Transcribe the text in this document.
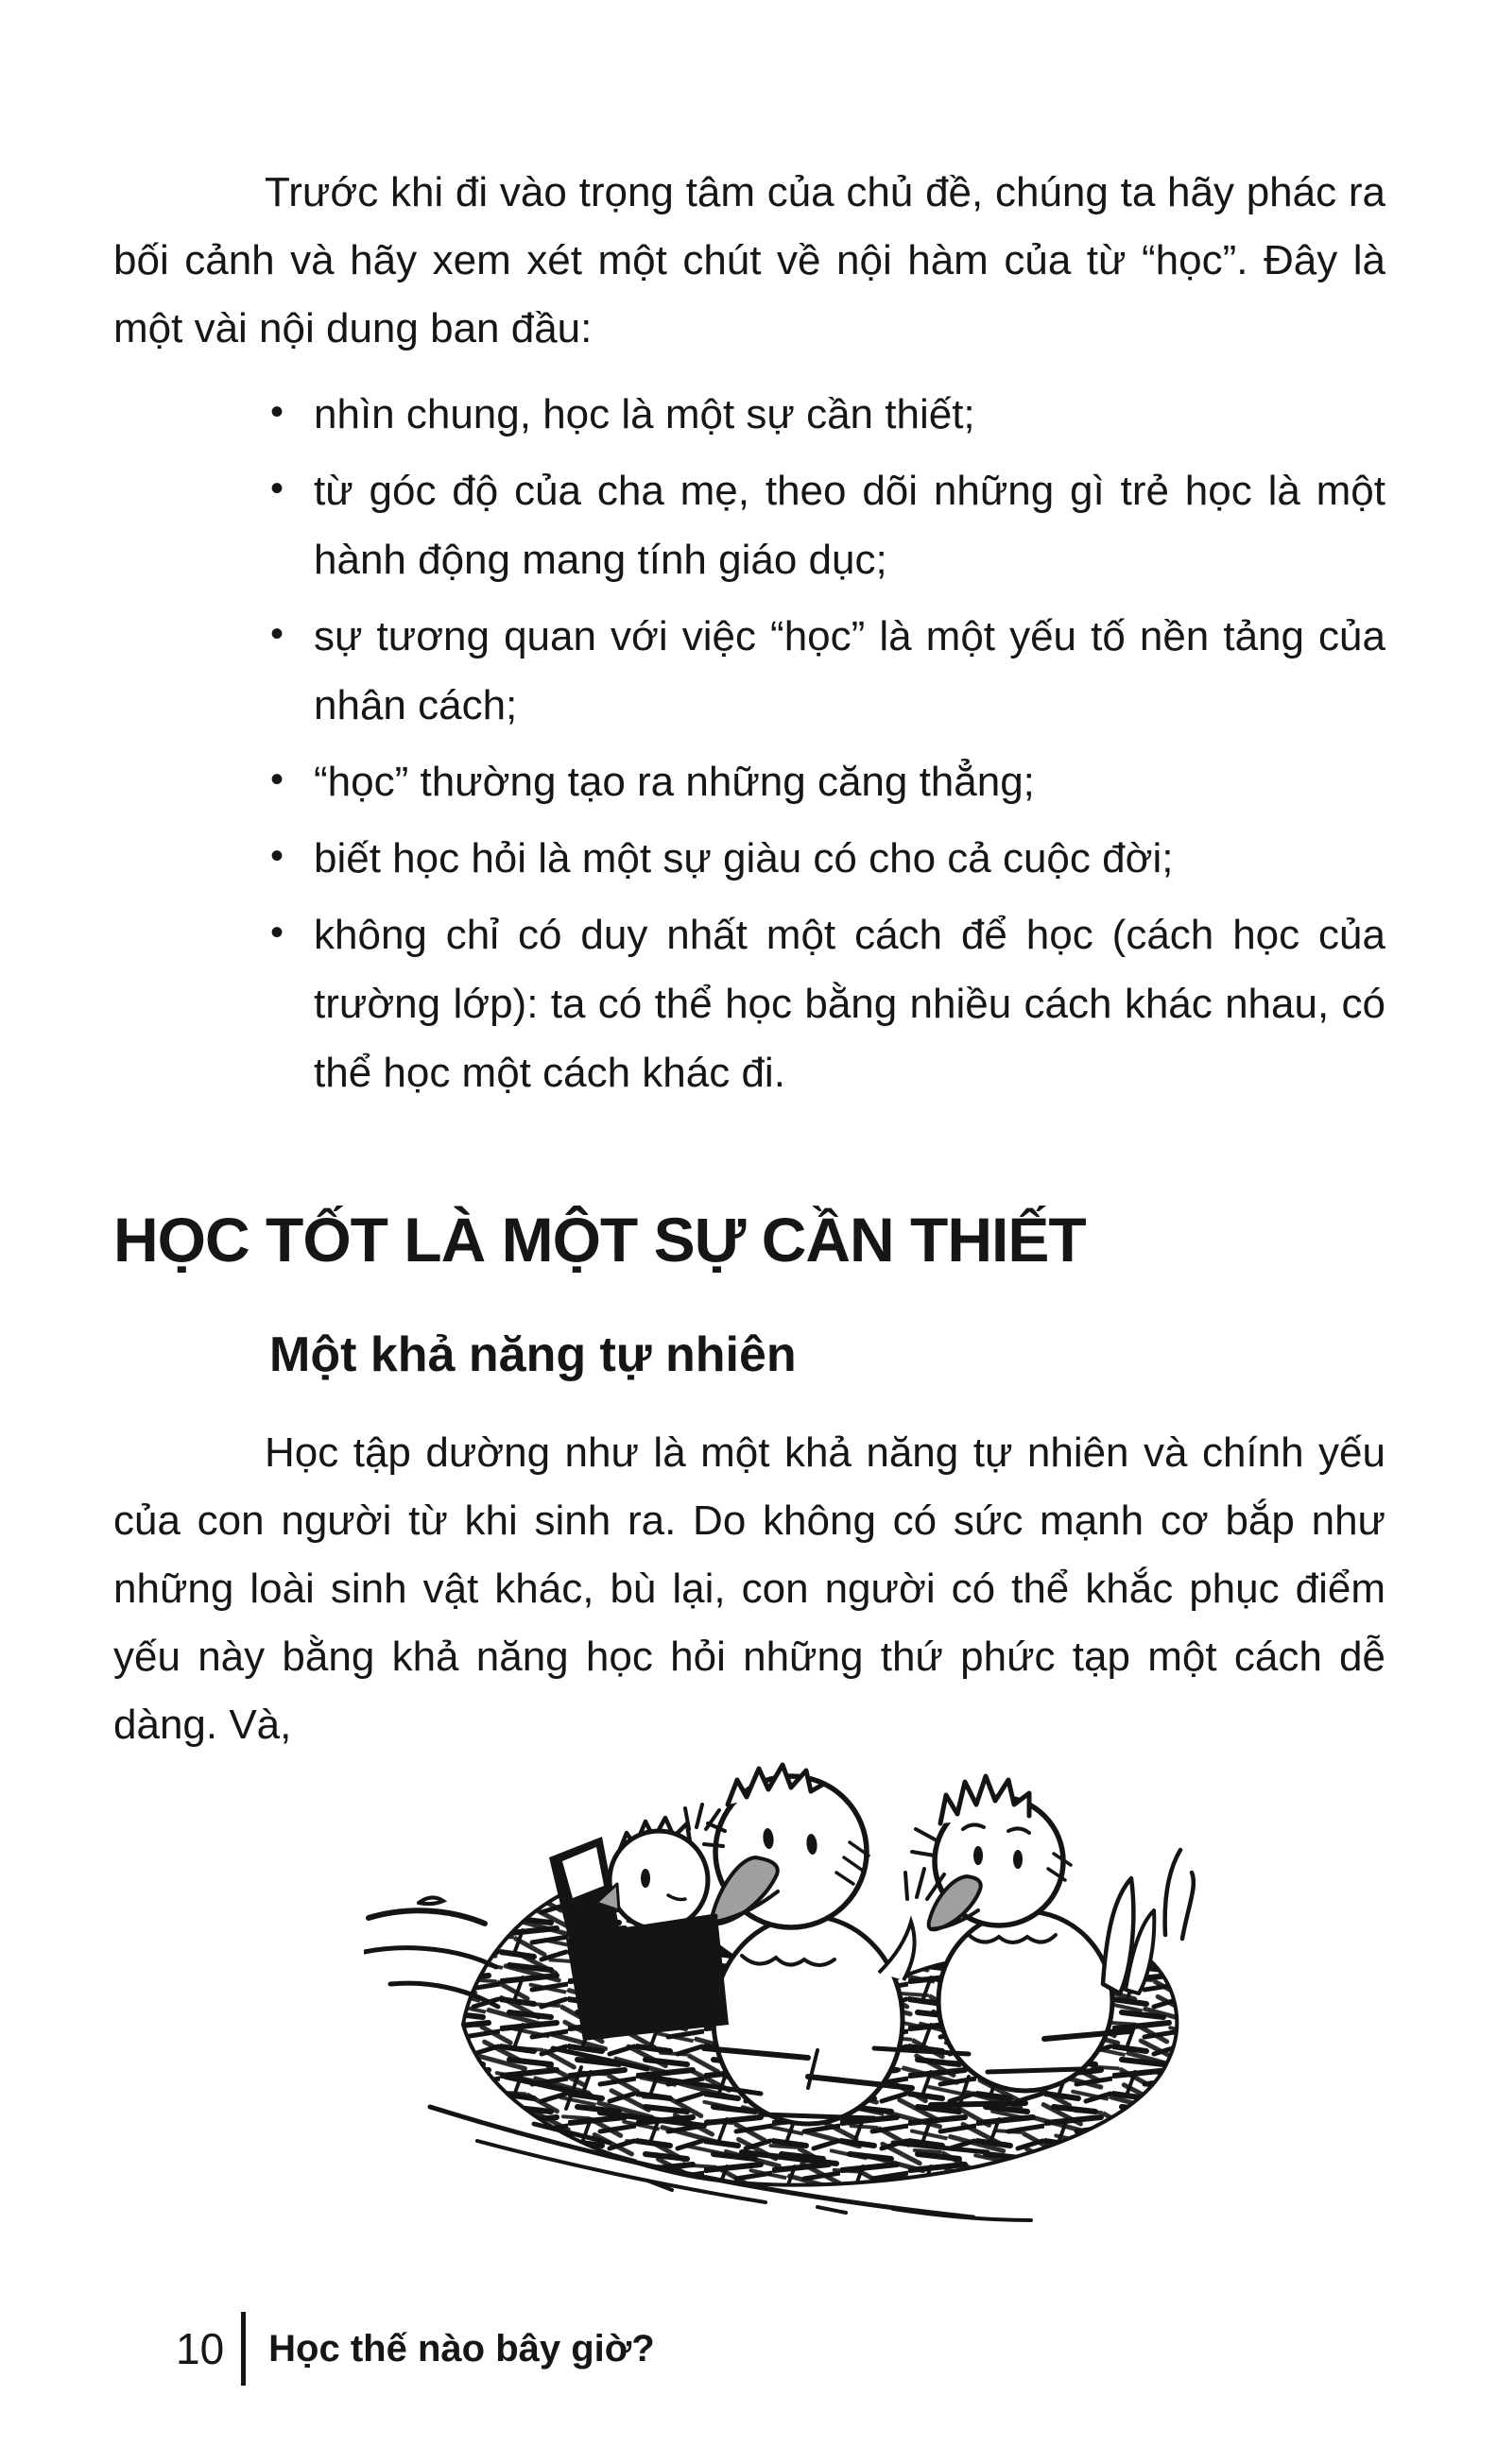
Trước khi đi vào trọng tâm của chủ đề, chúng ta hãy phác ra bối cảnh và hãy xem xét một chút về nội hàm của từ “học”. Đây là một vài nội dung ban đầu:

• nhìn chung, học là một sự cần thiết;
• từ góc độ của cha mẹ, theo dõi những gì trẻ học là một hành động mang tính giáo dục;
• sự tương quan với việc “học” là một yếu tố nền tảng của nhân cách;
• “học” thường tạo ra những căng thẳng;
• biết học hỏi là một sự giàu có cho cả cuộc đời;
• không chỉ có duy nhất một cách để học (cách học của trường lớp): ta có thể học bằng nhiều cách khác nhau, có thể học một cách khác đi.
HỌC TỐT LÀ MỘT SỰ CẦN THIẾT
Một khả năng tự nhiên

Học tập dường như là một khả năng tự nhiên và chính yếu của con người từ khi sinh ra. Do không có sức mạnh cơ bắp như những loài sinh vật khác, bù lại, con người có thể khắc phục điểm yếu này bằng khả năng học hỏi những thứ phức tạp một cách dễ dàng. Và,

10 Học thế nào bây giờ?
